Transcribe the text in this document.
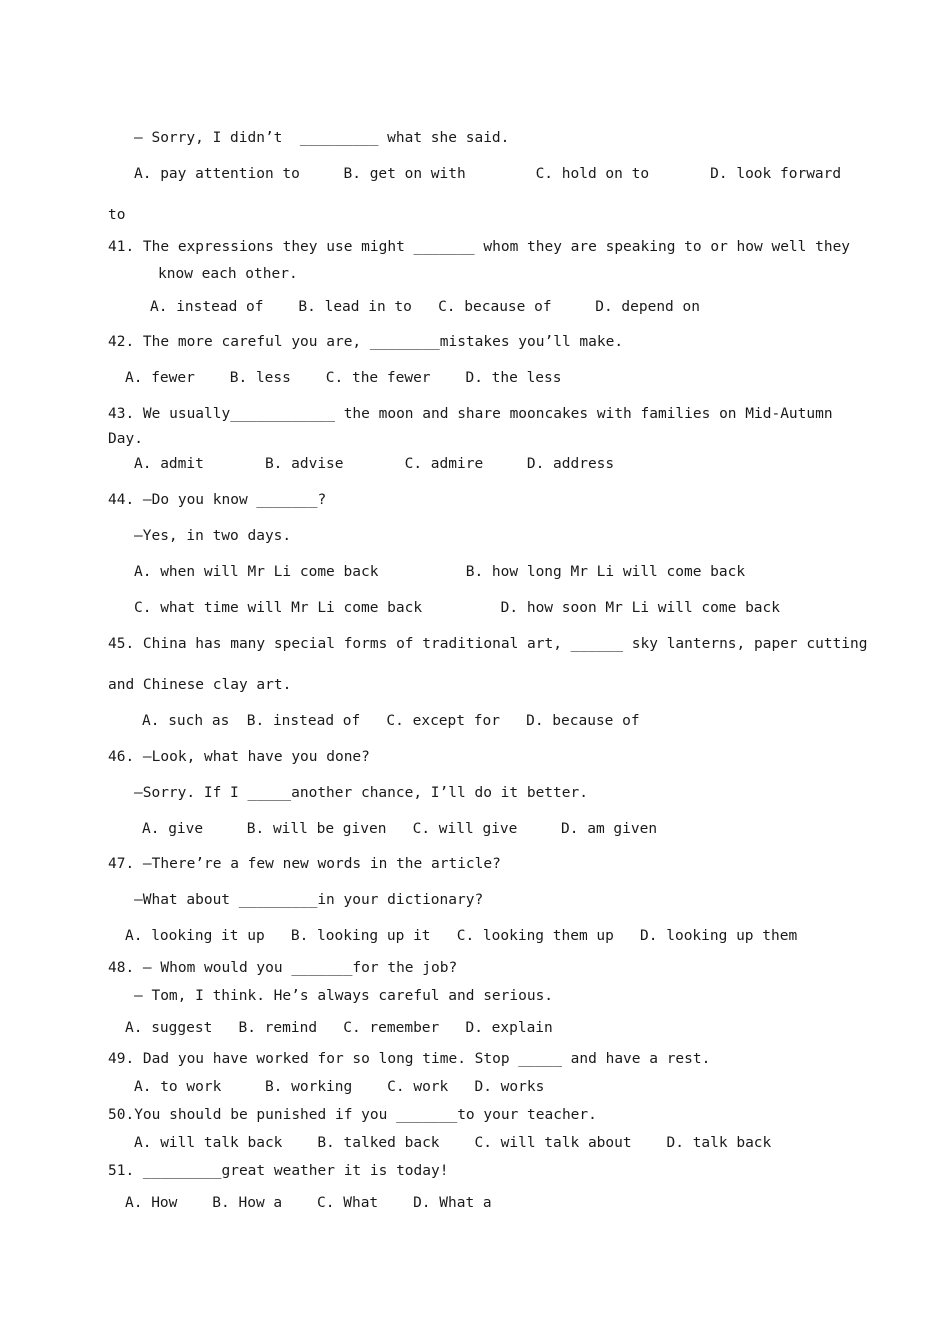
— Sorry, I didn’t  _________ what she said.
A. pay attention to     B. get on with        C. hold on to       D. look forward
to
41. The expressions they use might _______ whom they are speaking to or how well they
know each other.
A. instead of    B. lead in to   C. because of     D. depend on
42. The more careful you are, ________mistakes you’ll make.
A. fewer    B. less    C. the fewer    D. the less
43. We usually____________ the moon and share mooncakes with families on Mid-Autumn
Day.
A. admit       B. advise       C. admire     D. address
44. —Do you know _______?
—Yes, in two days.
A. when will Mr Li come back          B. how long Mr Li will come back
C. what time will Mr Li come back         D. how soon Mr Li will come back
45. China has many special forms of traditional art, ______ sky lanterns, paper cutting
and Chinese clay art.
A. such as  B. instead of   C. except for   D. because of
46. —Look, what have you done?
—Sorry. If I _____another chance, I’ll do it better.
A. give     B. will be given   C. will give     D. am given
47. —There’re a few new words in the article?
—What about _________in your dictionary?
A. looking it up   B. looking up it   C. looking them up   D. looking up them
48. — Whom would you _______for the job?
— Tom, I think. He’s always careful and serious.
A. suggest   B. remind   C. remember   D. explain
49. Dad you have worked for so long time. Stop _____ and have a rest.
A. to work     B. working    C. work   D. works
50.You should be punished if you _______to your teacher.
A. will talk back    B. talked back    C. will talk about    D. talk back
51. _________great weather it is today!
A. How    B. How a    C. What    D. What a
